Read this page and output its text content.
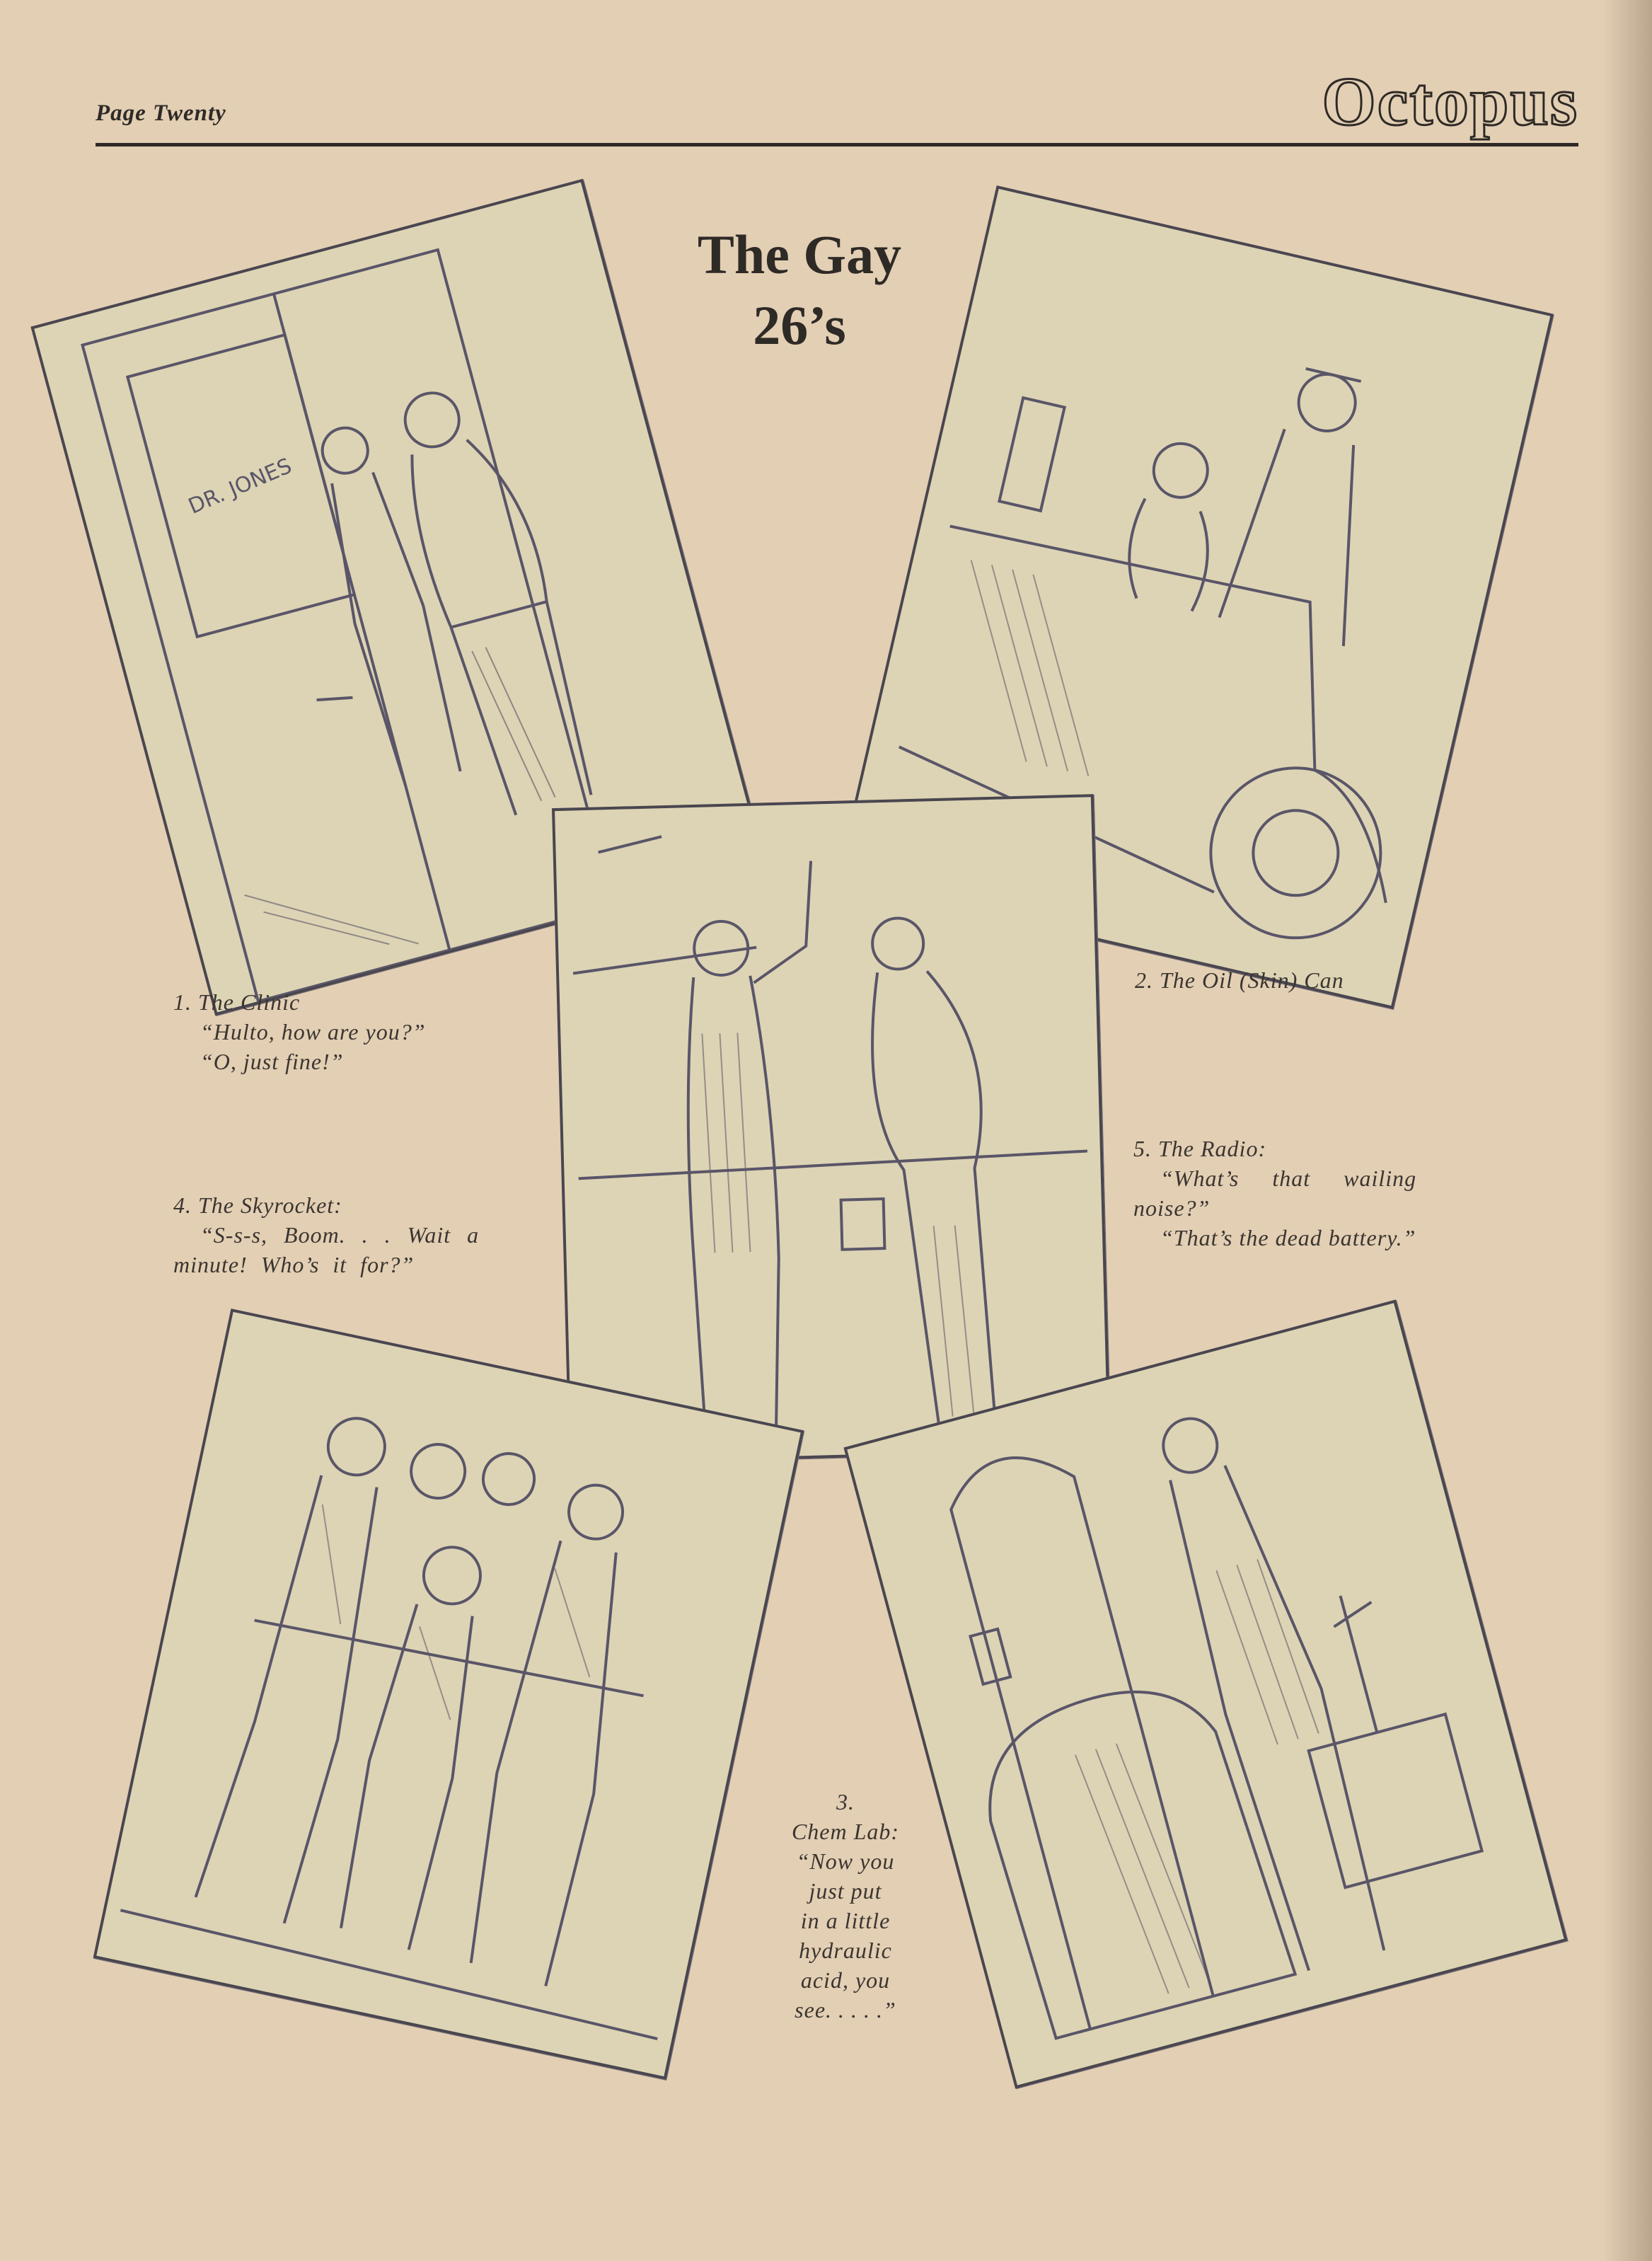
Page Twenty	Octopus
The Gay
26’s
DR. JONES
1. The Clinic
“Hulto, how are you?”
“O, just fine!”
2. The Oil (Skin) Can
4. The Skyrocket:
“S-s-s, Boom. . . Wait a
minute! Who’s it for?”
5. The Radio:
“What’s that wailing
noise?”
“That’s the dead battery.”
3.
Chem Lab:
“Now you
just put
in a little
hydraulic
acid, you
see. . . . .”
